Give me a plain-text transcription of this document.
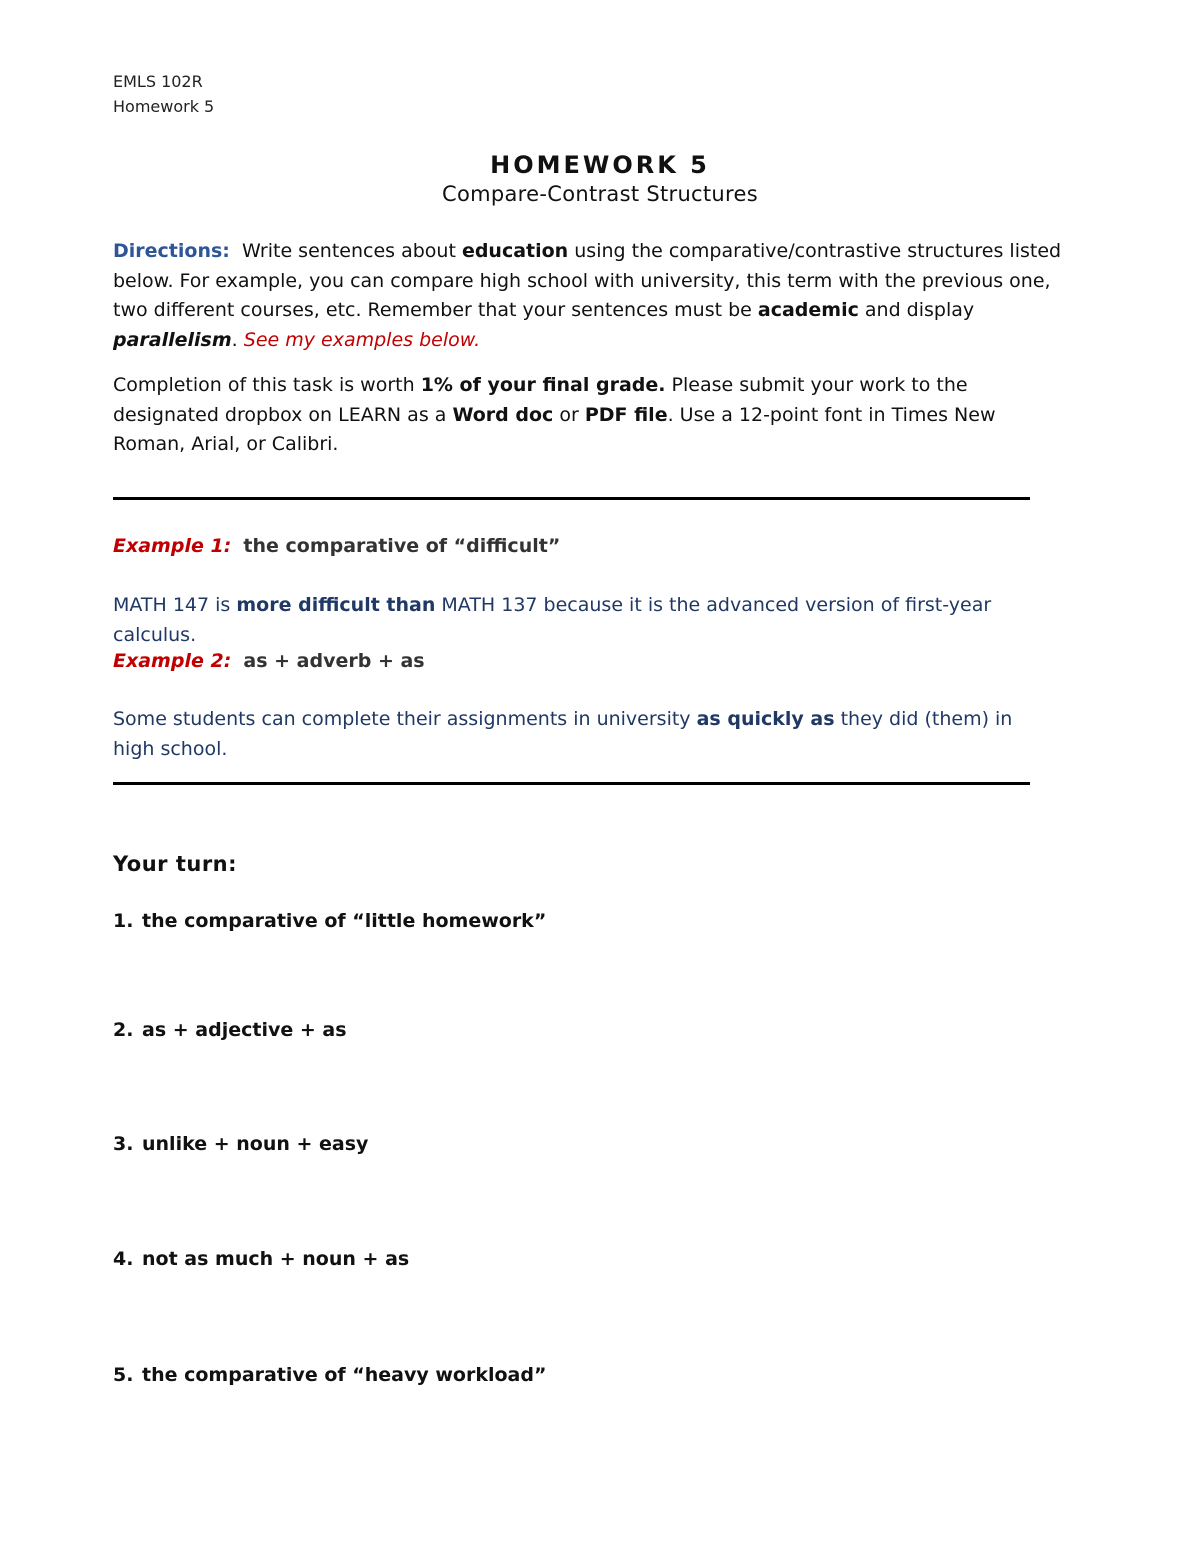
EMLS 102R
Homework 5
HOMEWORK 5
Compare-Contrast Structures
Directions: Write sentences about education using the comparative/contrastive structures listed below. For example, you can compare high school with university, this term with the previous one, two different courses, etc. Remember that your sentences must be academic and display parallelism. See my examples below.
Completion of this task is worth 1% of your final grade. Please submit your work to the designated dropbox on LEARN as a Word doc or PDF file. Use a 12-point font in Times New Roman, Arial, or Calibri.
Example 1: the comparative of “difficult”
MATH 147 is more difficult than MATH 137 because it is the advanced version of first-year calculus.
Example 2: as + adverb + as
Some students can complete their assignments in university as quickly as they did (them) in high school.
Your turn:
1. the comparative of “little homework”
2. as + adjective + as
3. unlike + noun + easy
4. not as much + noun + as
5. the comparative of “heavy workload”
